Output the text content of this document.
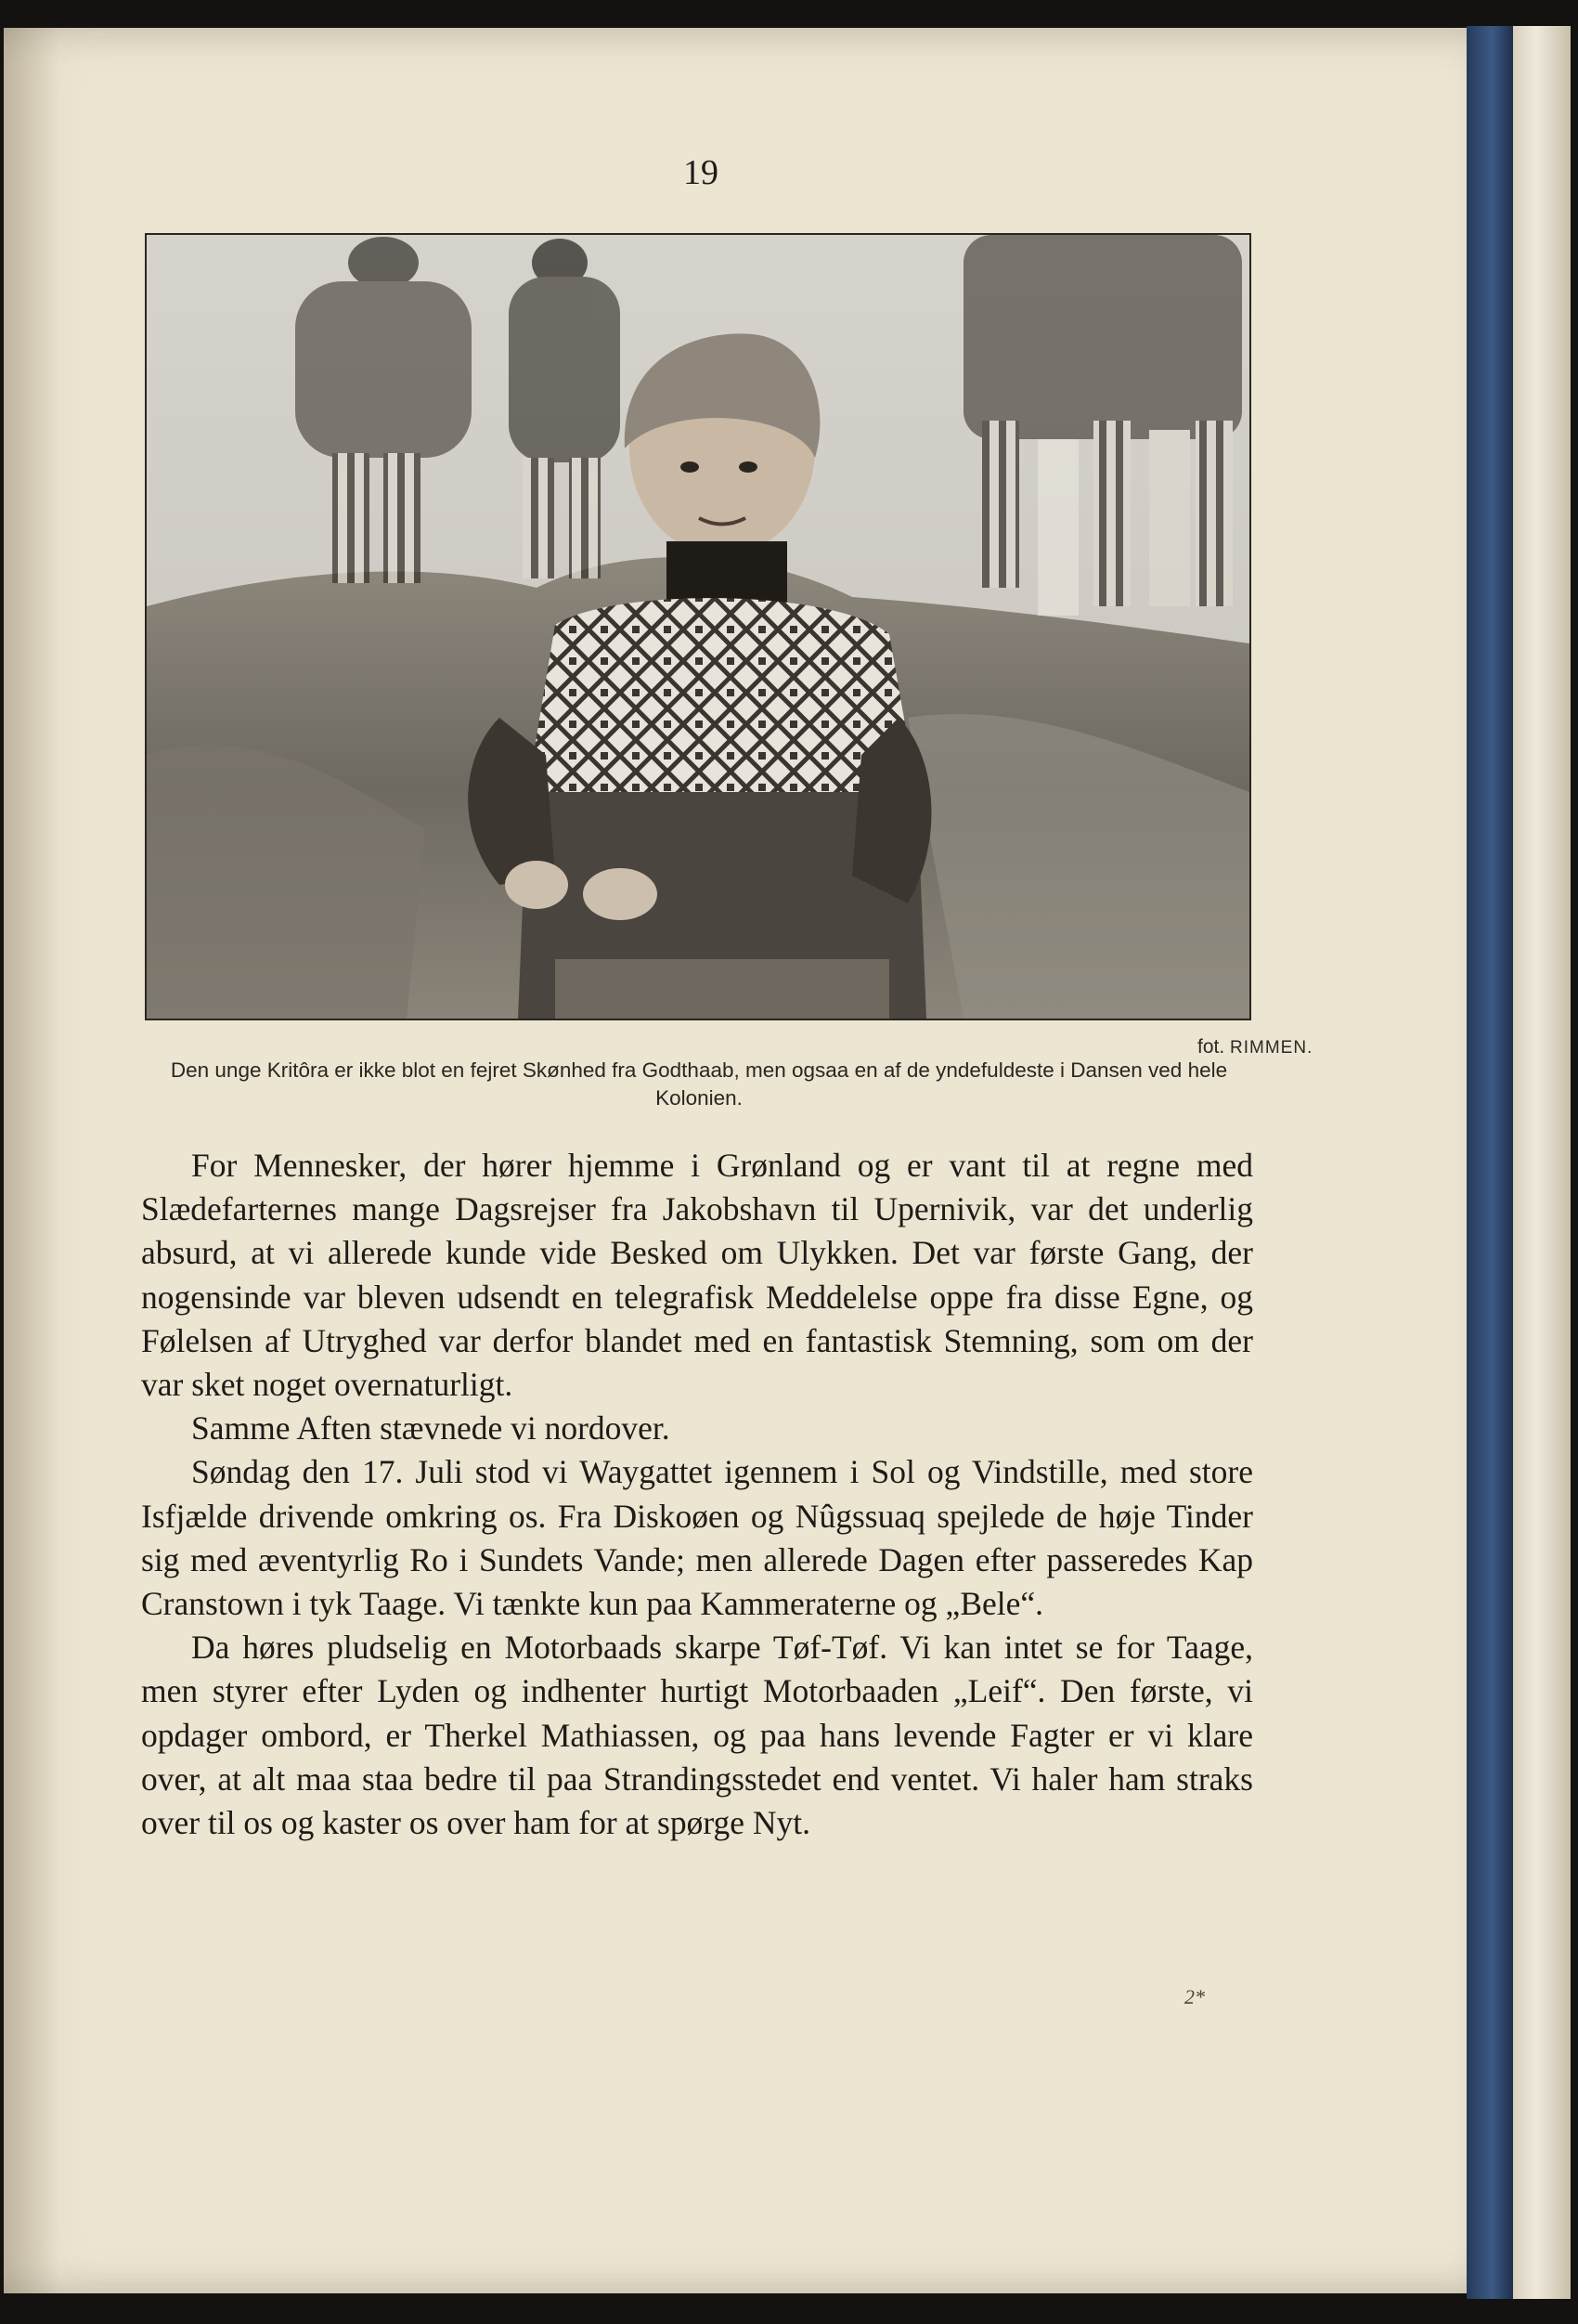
19
fot. RIMMEN.
Den unge Kritôra er ikke blot en fejret Skønhed fra Godthaab, men ogsaa en af de yndefuldeste i Dansen ved hele Kolonien.

For Mennesker, der hører hjemme i Grønland og er vant til at regne med Slædefarternes mange Dagsrejser fra Jakobshavn til Upernivik, var det underlig absurd, at vi allerede kunde vide Besked om Ulykken. Det var første Gang, der nogensinde var bleven udsendt en telegrafisk Meddelelse oppe fra disse Egne, og Følelsen af Utryghed var derfor blandet med en fantastisk Stemning, som om der var sket noget overnaturligt.

Samme Aften stævnede vi nordover.

Søndag den 17. Juli stod vi Waygattet igennem i Sol og Vindstille, med store Isfjælde drivende omkring os. Fra Diskoøen og Nûgssuaq spejlede de høje Tinder sig med æventyrlig Ro i Sundets Vande; men allerede Dagen efter passeredes Kap Cranstown i tyk Taage. Vi tænkte kun paa Kammeraterne og „Bele“.

Da høres pludselig en Motorbaads skarpe Tøf-Tøf. Vi kan intet se for Taage, men styrer efter Lyden og indhenter hurtigt Motorbaaden „Leif“. Den første, vi opdager ombord, er Therkel Mathiassen, og paa hans levende Fagter er vi klare over, at alt maa staa bedre til paa Strandingsstedet end ventet. Vi haler ham straks over til os og kaster os over ham for at spørge Nyt.

2*
